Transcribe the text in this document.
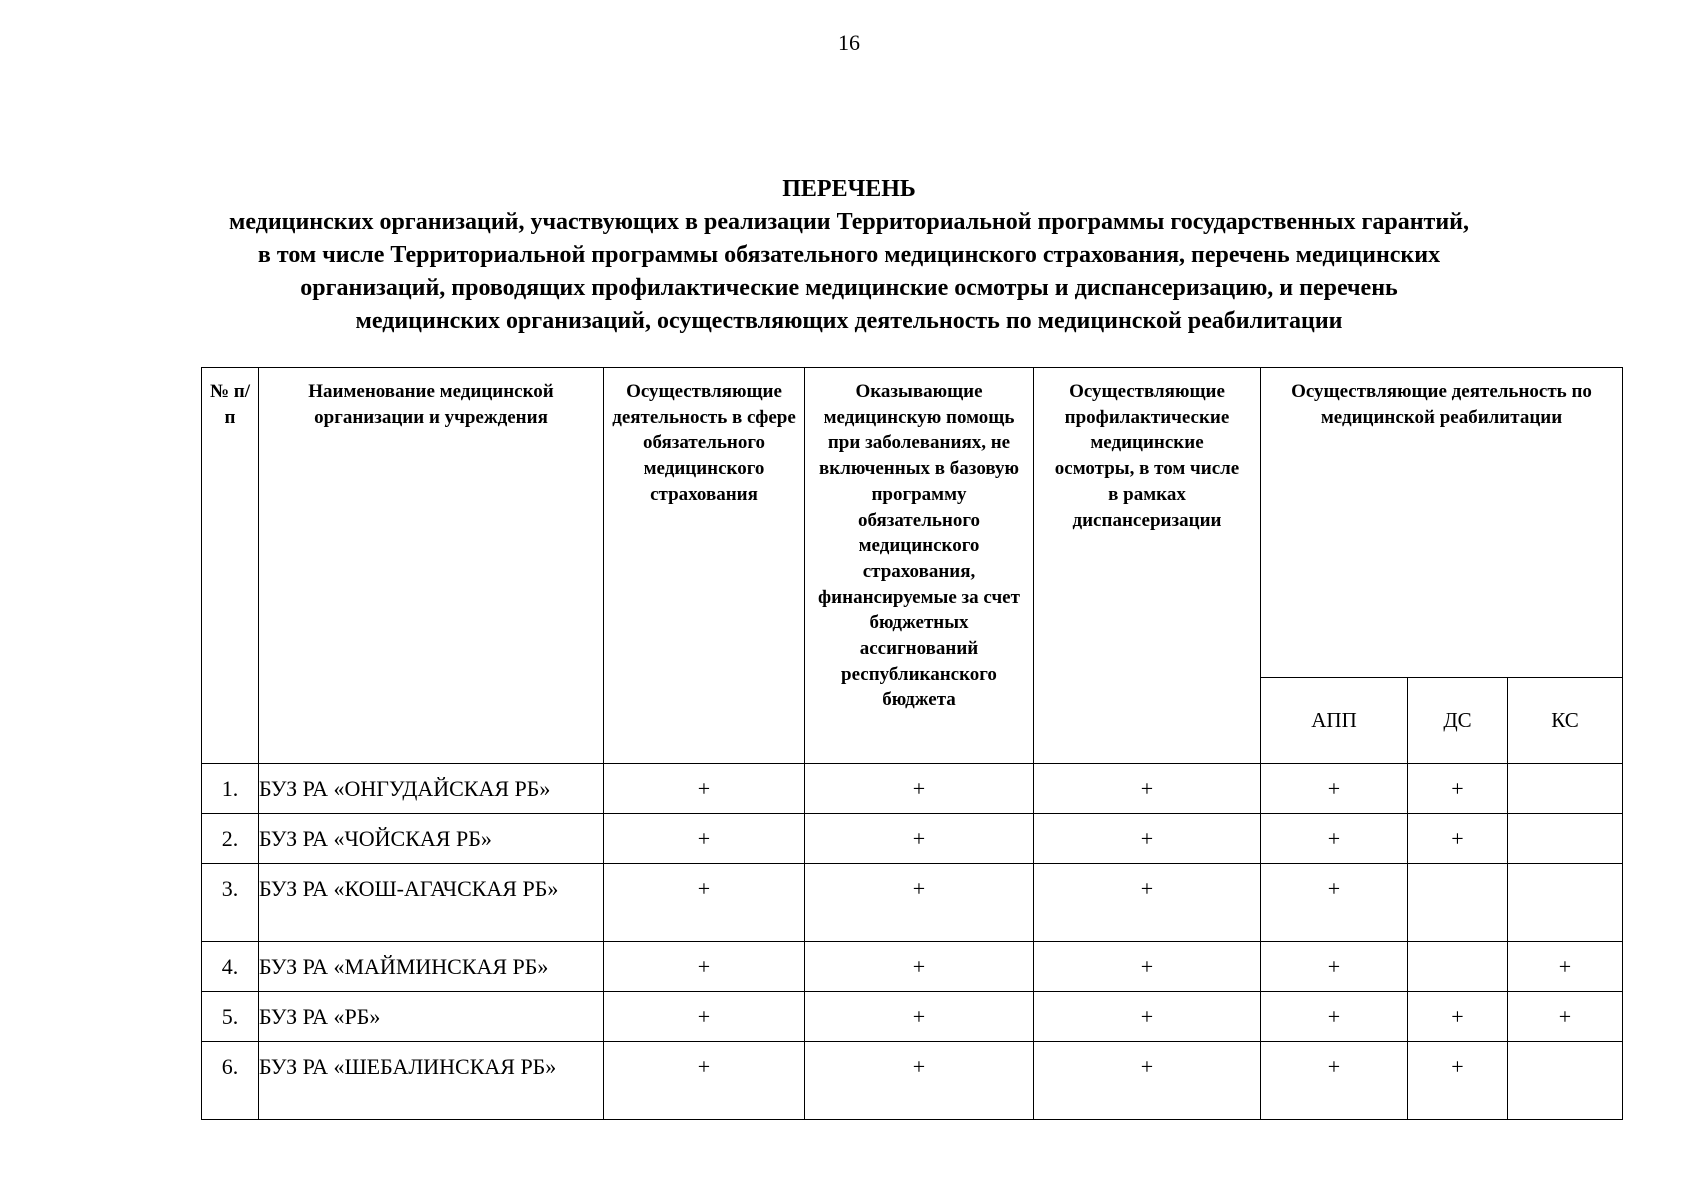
16
ПЕРЕЧЕНЬ
медицинских организаций, участвующих в реализации Территориальной программы государственных гарантий,
в том числе Территориальной программы обязательного медицинского страхования, перечень медицинских
организаций, проводящих профилактические медицинские осмотры и диспансеризацию, и перечень
медицинских организаций, осуществляющих деятельность по медицинской реабилитации
№ п/п	Наименование медицинской организации и учреждения	Осуществляющие деятельность в сфере обязательного медицинского страхования	Оказывающие медицинскую помощь при заболеваниях, не включенных в базовую программу обязательного медицинского страхования, финансируемые за счет бюджетных ассигнований республиканского бюджета	Осуществляющие профилактические медицинские осмотры, в том числе в рамках диспансеризации	Осуществляющие деятельность по медицинской реабилитации		
					АПП	ДС	КС
1.	БУЗ РА «ОНГУДАЙСКАЯ РБ»	+	+	+	+	+	
2.	БУЗ РА «ЧОЙСКАЯ РБ»	+	+	+	+	+	
3.	БУЗ РА «КОШ-АГАЧСКАЯ РБ»	+	+	+	+		
4.	БУЗ РА «МАЙМИНСКАЯ РБ»	+	+	+	+		+
5.	БУЗ РА «РБ»	+	+	+	+	+	+
6.	БУЗ РА «ШЕБАЛИНСКАЯ РБ»	+	+	+	+	+	
